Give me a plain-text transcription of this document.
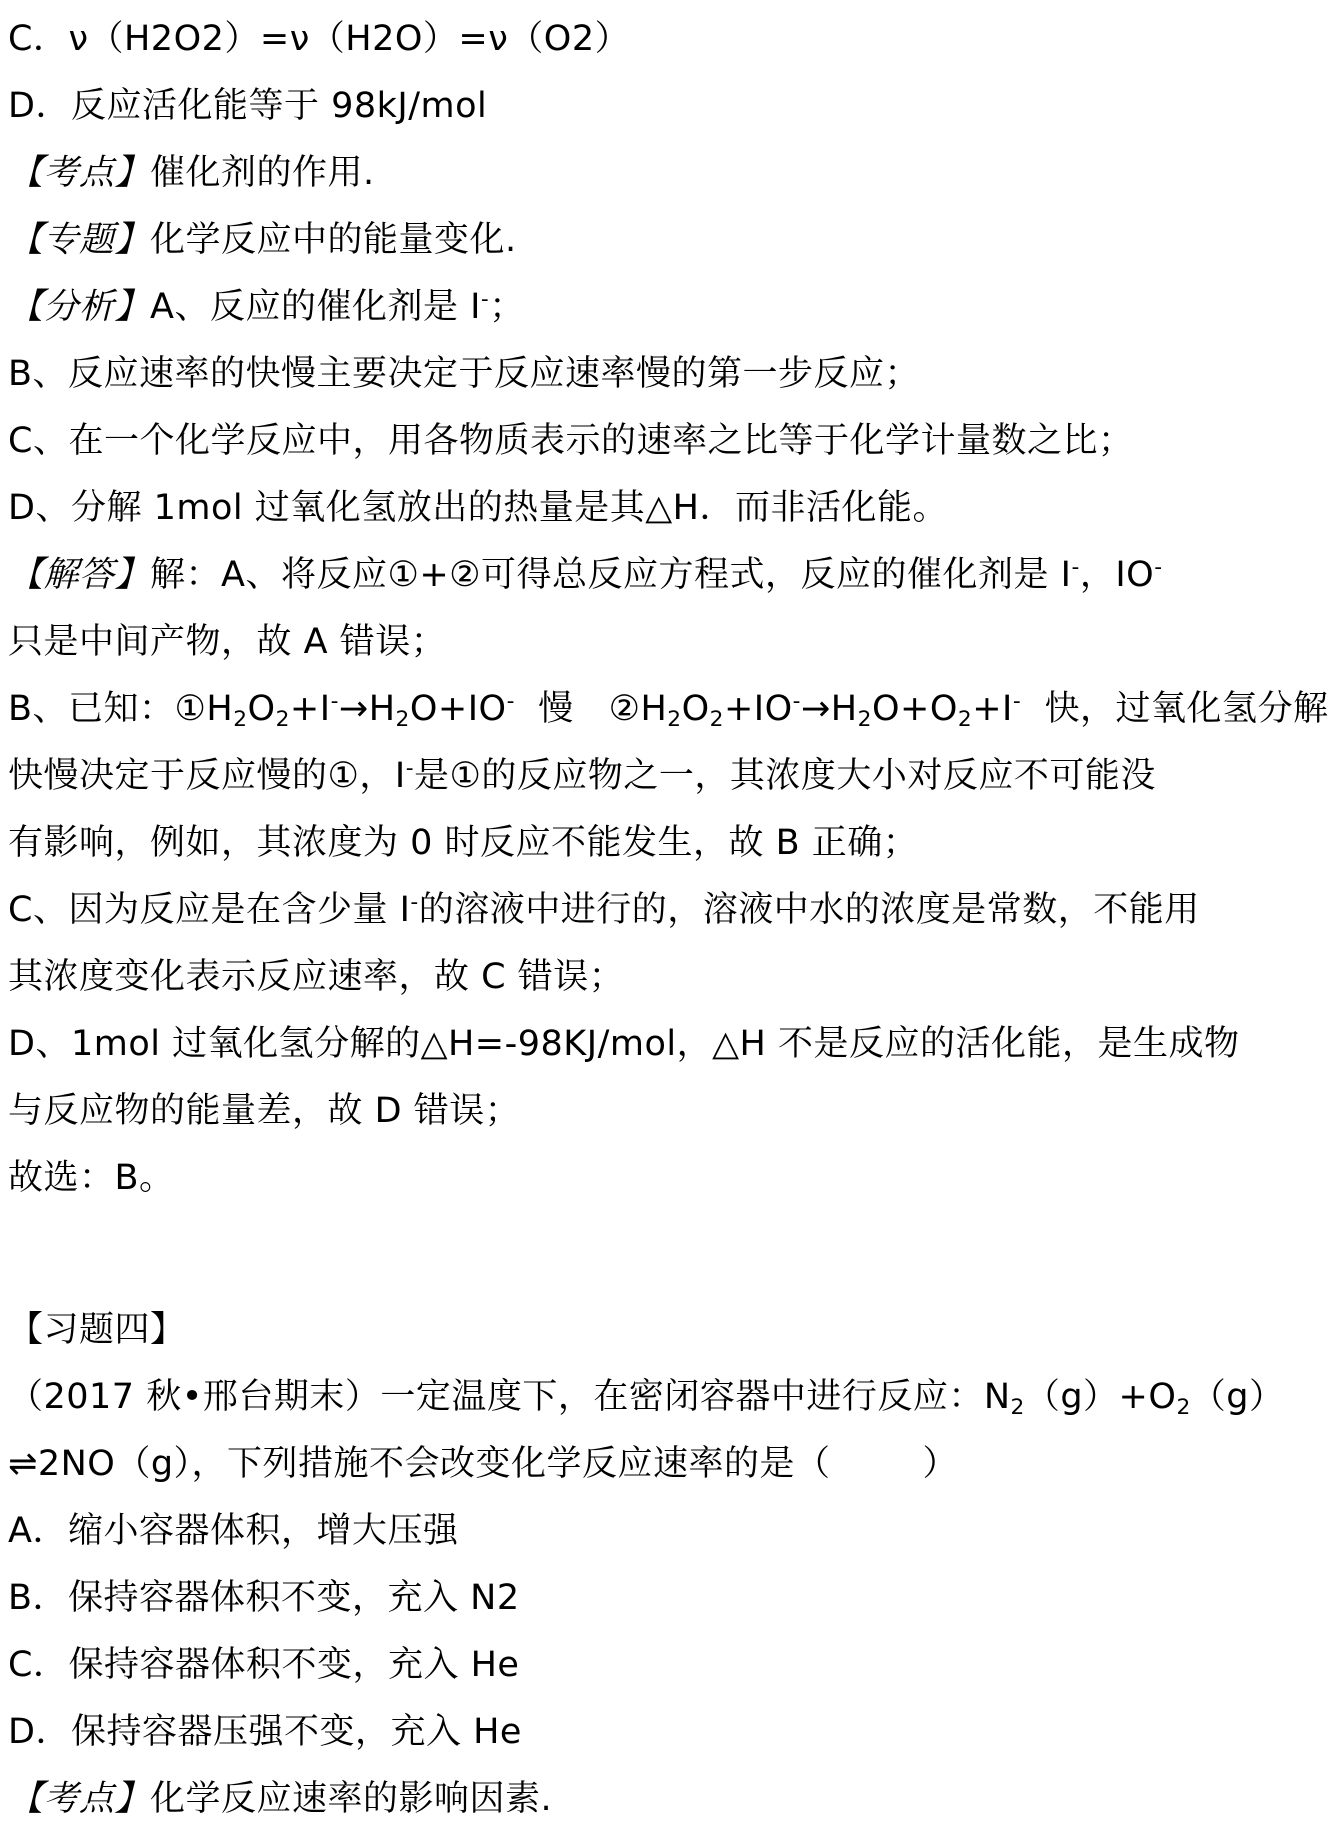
C．ν（H2O2）=ν（H2O）=ν（O2）
D．反应活化能等于 98kJ/mol
【考点】催化剂的作用.
【专题】化学反应中的能量变化.
【分析】A、反应的催化剂是 I-；
B、反应速率的快慢主要决定于反应速率慢的第一步反应；
C、在一个化学反应中，用各物质表示的速率之比等于化学计量数之比；
D、分解 1mol 过氧化氢放出的热量是其△H．而非活化能。
【解答】解：A、将反应①+②可得总反应方程式，反应的催化剂是 I-，IO-
只是中间产物，故 A 错误；
B、已知：$①H_2O_2+I^-\to H_2O+IO^-$  慢   $②H_2O_2+IO^-\to H_2O+O_2+I^-$  快，过氧化氢分解
快慢决定于反应慢的①，I-是①的反应物之一，其浓度大小对反应不可能没
有影响，例如，其浓度为 0 时反应不能发生，故 B 正确；
C、因为反应是在含少量 I-的溶液中进行的，溶液中水的浓度是常数，不能用
其浓度变化表示反应速率，故 C 错误；
D、1mol 过氧化氢分解的△H=-98KJ/mol，△H 不是反应的活化能，是生成物
与反应物的能量差，故 D 错误；
故选：B。
【习题四】
（2017 秋•邢台期末）一定温度下，在密闭容器中进行反应：$N_2(g)+O_2(g)$
⇌2NO（g），下列措施不会改变化学反应速率的是（	）
A．缩小容器体积，增大压强
B．保持容器体积不变，充入 N2
C．保持容器体积不变，充入 He
D．保持容器压强不变，充入 He
【考点】化学反应速率的影响因素.
